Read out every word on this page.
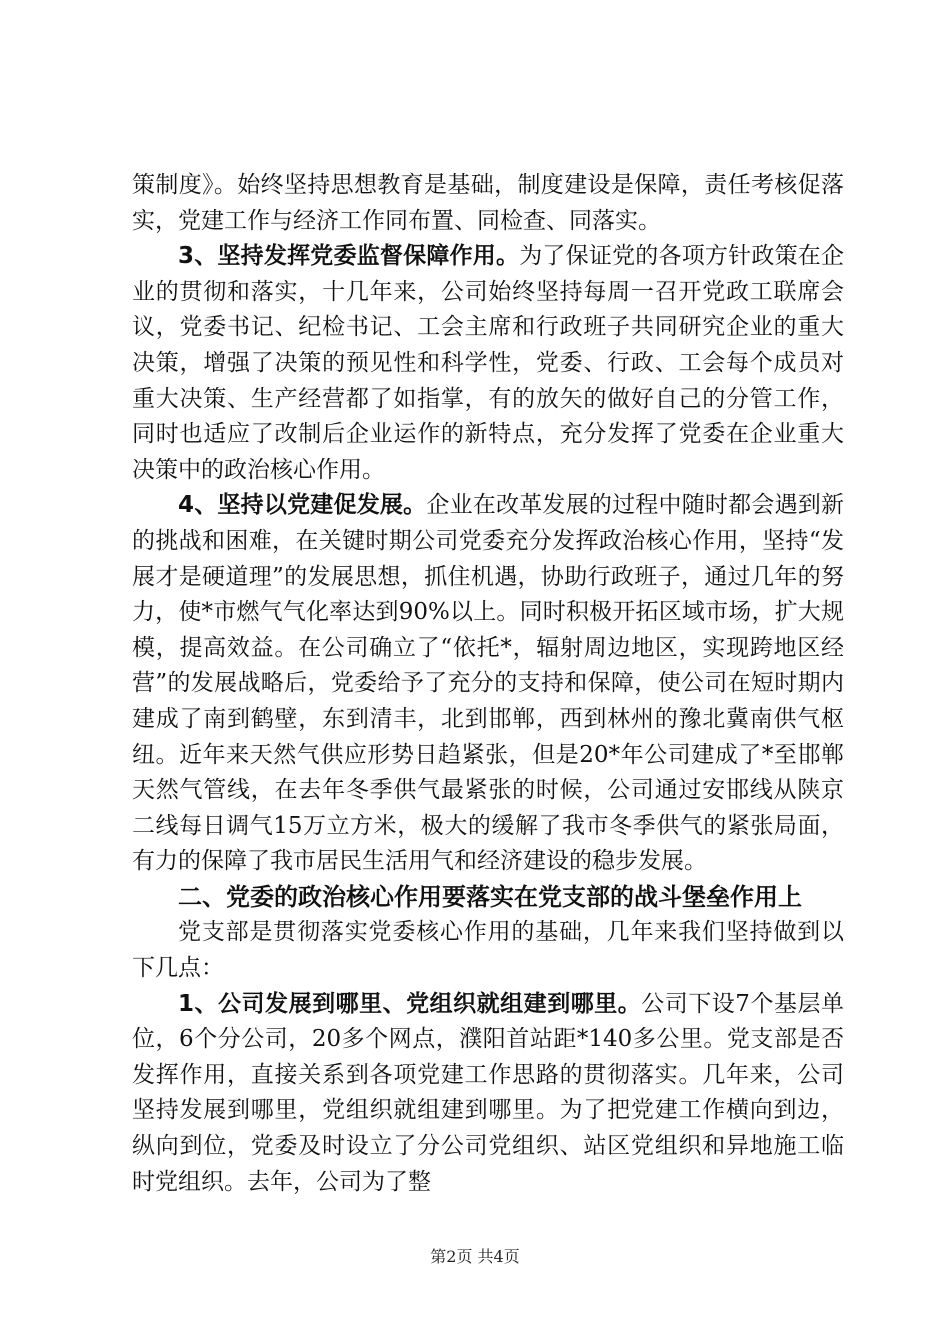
策制度》。始终坚持思想教育是基础，制度建设是保障，责任考核促落实，党建工作与经济工作同布置、同检查、同落实。

3、坚持发挥党委监督保障作用。为了保证党的各项方针政策在企业的贯彻和落实，十几年来，公司始终坚持每周一召开党政工联席会议，党委书记、纪检书记、工会主席和行政班子共同研究企业的重大决策，增强了决策的预见性和科学性，党委、行政、工会每个成员对重大决策、生产经营都了如指掌，有的放矢的做好自己的分管工作，同时也适应了改制后企业运作的新特点，充分发挥了党委在企业重大决策中的政治核心作用。

4、坚持以党建促发展。企业在改革发展的过程中随时都会遇到新的挑战和困难，在关键时期公司党委充分发挥政治核心作用，坚持“发展才是硬道理”的发展思想，抓住机遇，协助行政班子，通过几年的努力，使*市燃气气化率达到90%以上。同时积极开拓区域市场，扩大规模，提高效益。在公司确立了“依托*，辐射周边地区，实现跨地区经营”的发展战略后，党委给予了充分的支持和保障，使公司在短时期内建成了南到鹤壁，东到清丰，北到邯郸，西到林州的豫北冀南供气枢纽。近年来天然气供应形势日趋紧张，但是20*年公司建成了*至邯郸天然气管线，在去年冬季供气最紧张的时候，公司通过安邯线从陕京二线每日调气15万立方米，极大的缓解了我市冬季供气的紧张局面，有力的保障了我市居民生活用气和经济建设的稳步发展。

二、党委的政治核心作用要落实在党支部的战斗堡垒作用上

党支部是贯彻落实党委核心作用的基础，几年来我们坚持做到以下几点：

1、公司发展到哪里、党组织就组建到哪里。公司下设7个基层单位，6个分公司，20多个网点，濮阳首站距*140多公里。党支部是否发挥作用，直接关系到各项党建工作思路的贯彻落实。几年来，公司坚持发展到哪里，党组织就组建到哪里。为了把党建工作横向到边，纵向到位，党委及时设立了分公司党组织、站区党组织和异地施工临时党组织。去年，公司为了整

第2页 共4页
